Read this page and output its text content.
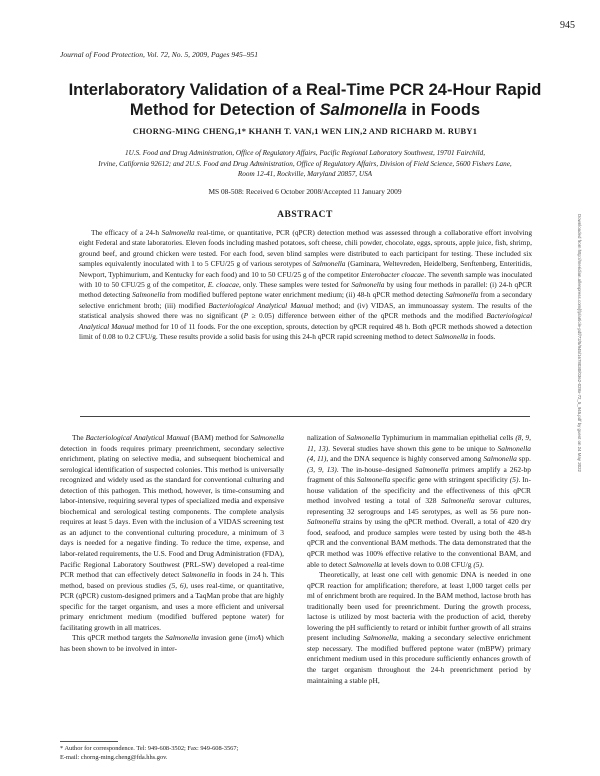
945
Journal of Food Protection, Vol. 72, No. 5, 2009, Pages 945–951
Interlaboratory Validation of a Real-Time PCR 24-Hour Rapid
Method for Detection of Salmonella in Foods

CHORNG-MING CHENG,1* KHANH T. VAN,1 WEN LIN,2 AND RICHARD M. RUBY1

1U.S. Food and Drug Administration, Office of Regulatory Affairs, Pacific Regional Laboratory Southwest, 19701 Fairchild,
Irvine, California 92612; and 2U.S. Food and Drug Administration, Office of Regulatory Affairs, Division of Field Science, 5600 Fishers Lane,
Room 12-41, Rockville, Maryland 20857, USA

MS 08-508: Received 6 October 2008/Accepted 11 January 2009

ABSTRACT

The efficacy of a 24-h Salmonella real-time, or quantitative, PCR (qPCR) detection method was assessed through a collaborative effort involving eight Federal and state laboratories. Eleven foods including mashed potatoes, soft cheese, chili powder, chocolate, eggs, sprouts, apple juice, fish, shrimp, ground beef, and ground chicken were tested. For each food, seven blind samples were distributed to each participant for testing. These included six samples equivalently inoculated with 1 to 5 CFU/25 g of various serotypes of Salmonella (Gaminara, Weltevreden, Heidelberg, Senftenberg, Enteritidis, Newport, Typhimurium, and Kentucky for each food) and 10 to 50 CFU/25 g of the competitor Enterobacter cloacae. The seventh sample was inoculated with 10 to 50 CFU/25 g of the competitor, E. cloacae, only. These samples were tested for Salmonella by using four methods in parallel: (i) 24-h qPCR method detecting Salmonella from modified buffered peptone water enrichment medium; (ii) 48-h qPCR method detecting Salmonella from a secondary selective enrichment broth; (iii) modified Bacteriological Analytical Manual method; and (iv) VIDAS, an immunoassay system. The results of the statistical analysis showed there was no significant (P ≥ 0.05) difference between either of the qPCR methods and the modified Bacteriological Analytical Manual method for 10 of 11 foods. For the one exception, sprouts, detection by qPCR required 48 h. Both qPCR methods showed a detection limit of 0.08 to 0.2 CFU/g. These results provide a solid basis for using this 24-h qPCR rapid screening method to detect Salmonella in foods.	Downloaded from http://meridian.allenpress.com/jfp/article-pdf/72/5/945/1678030/0362-028x-72_5_945.pdf by guest on 24 May 2022

The Bacteriological Analytical Manual (BAM) method for Salmonella detection in foods requires primary preenrichment, secondary selective enrichment, plating on selective media, and subsequent biochemical and serological identification of suspected colonies. This method is universally recognized and widely used as the standard for conventional culturing and detection of this pathogen. This method, however, is time-consuming and labor-intensive, requiring several types of specialized media and expensive biochemical and serological testing components. The complete analysis requires at least 5 days. Even with the inclusion of a VIDAS screening test as an adjunct to the conventional culturing procedure, a minimum of 3 days is needed for a negative finding. To reduce the time, expense, and labor-related requirements, the U.S. Food and Drug Administration (FDA), Pacific Regional Laboratory Southwest (PRL-SW) developed a real-time PCR method that can effectively detect Salmonella in foods in 24 h. This method, based on previous studies (5, 6), uses real-time, or quantitative, PCR (qPCR) custom-designed primers and a TaqMan probe that are highly specific for the target organism, and uses a more efficient and universal primary enrichment medium (modified buffered peptone water) for facilitating growth in all matrices.

This qPCR method targets the Salmonella invasion gene (invA) which has been shown to be involved in inter-

nalization of Salmonella Typhimurium in mammalian epithelial cells (8, 9, 11, 13). Several studies have shown this gene to be unique to Salmonella (4, 11), and the DNA sequence is highly conserved among Salmonella spp. (3, 9, 13). The in-house–designed Salmonella primers amplify a 262-bp fragment of this Salmonella specific gene with stringent specificity (5). In-house validation of the specificity and the effectiveness of this qPCR method involved testing a total of 328 Salmonella serovar cultures, representing 32 serogroups and 145 serotypes, as well as 56 pure non-Salmonella strains by using the qPCR method. Overall, a total of 420 dry food, seafood, and produce samples were tested by using both the 48-h qPCR and the conventional BAM methods. The data demonstrated that the qPCR method was 100% effective relative to the conventional BAM, and able to detect Salmonella at levels down to 0.08 CFU/g (5).

Theoretically, at least one cell with genomic DNA is needed in one qPCR reaction for amplification; therefore, at least 1,000 target cells per ml of enrichment broth are required. In the BAM method, lactose broth has traditionally been used for preenrichment. During the growth process, lactose is utilized by most bacteria with the production of acid, thereby lowering the pH sufficiently to retard or inhibit further growth of all strains present including Salmonella, making a secondary selective enrichment step necessary. The modified buffered peptone water (mBPW) primary enrichment medium used in this procedure sufficiently enhances growth of the target organism throughout the 24-h preenrichment period by maintaining a stable pH,

* Author for correspondence. Tel: 949-608-3502; Fax: 949-608-3567;
E-mail: chorng-ming.cheng@fda.hhs.gov.
